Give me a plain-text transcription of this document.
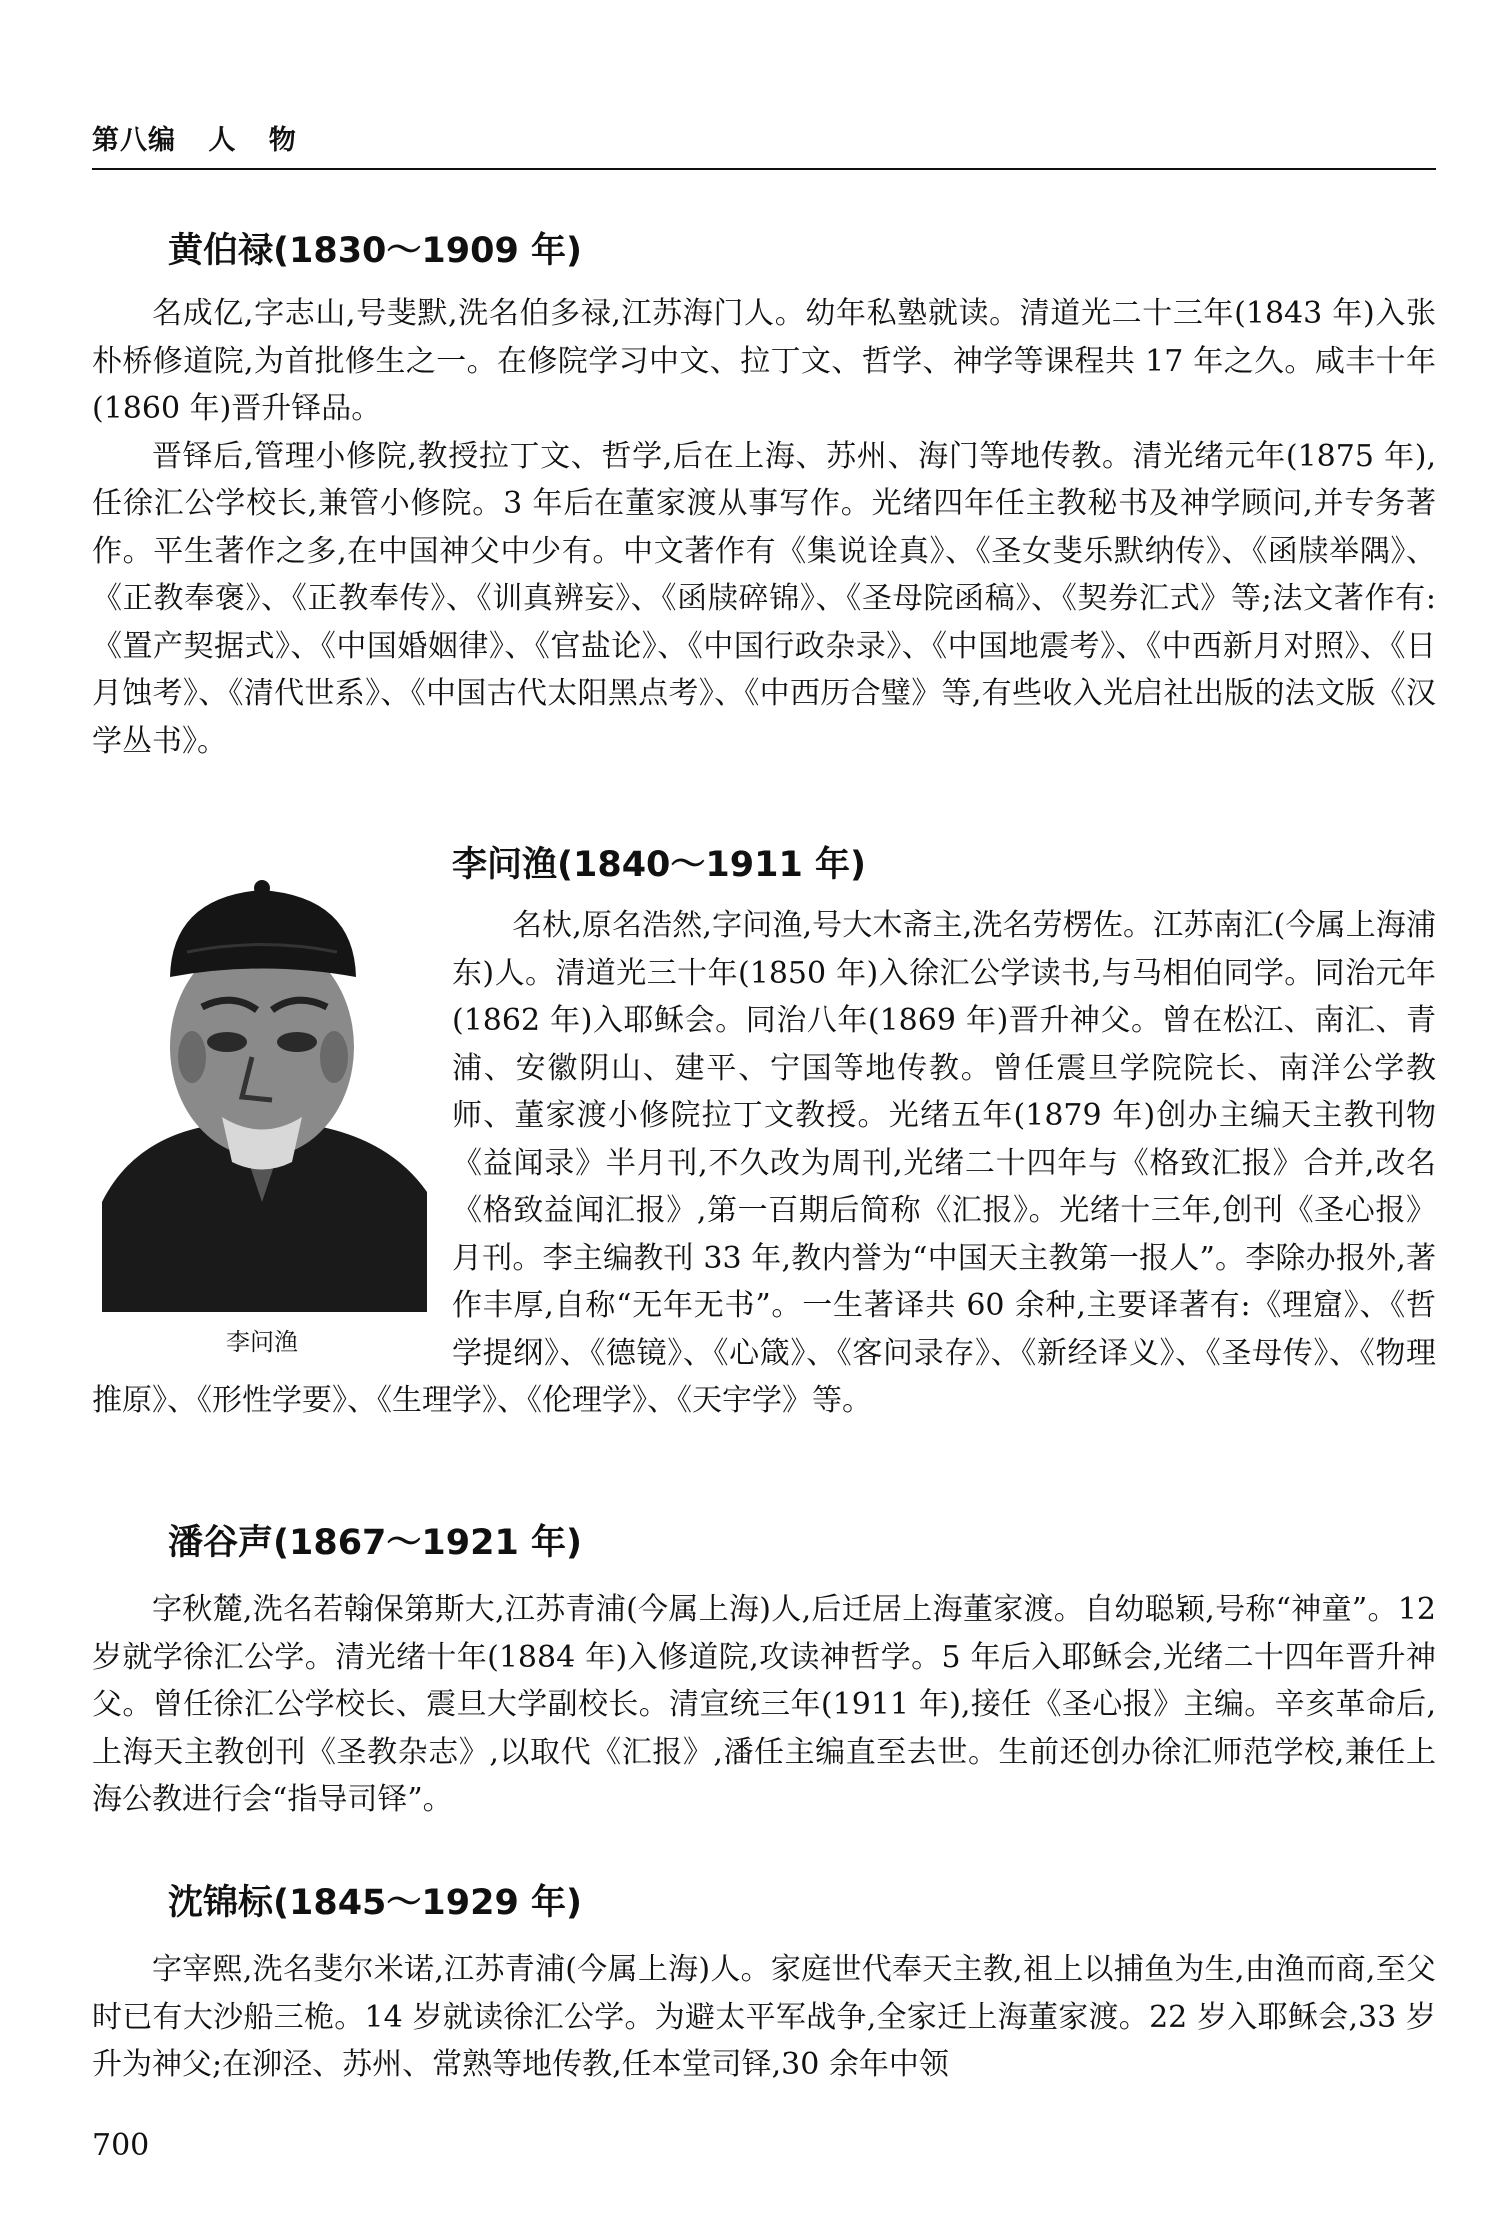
第八编 人 物
黄伯禄(1830～1909 年)

名成亿,字志山,号斐默,洗名伯多禄,江苏海门人。幼年私塾就读。清道光二十三年(1843 年)入张朴桥修道院,为首批修生之一。在修院学习中文、拉丁文、哲学、神学等课程共 17 年之久。咸丰十年(1860 年)晋升铎品。

晋铎后,管理小修院,教授拉丁文、哲学,后在上海、苏州、海门等地传教。清光绪元年(1875 年),任徐汇公学校长,兼管小修院。3 年后在董家渡从事写作。光绪四年任主教秘书及神学顾问,并专务著作。平生著作之多,在中国神父中少有。中文著作有《集说诠真》、《圣女斐乐默纳传》、《函牍举隅》、《正教奉褒》、《正教奉传》、《训真辨妄》、《函牍碎锦》、《圣母院函稿》、《契券汇式》等;法文著作有:《置产契据式》、《中国婚姻律》、《官盐论》、《中国行政杂录》、《中国地震考》、《中西新月对照》、《日月蚀考》、《清代世系》、《中国古代太阳黑点考》、《中西历合璧》等,有些收入光启社出版的法文版《汉学丛书》。

李问渔
李问渔(1840～1911 年)

名杕,原名浩然,字问渔,号大木斋主,洗名劳楞佐。江苏南汇(今属上海浦东)人。清道光三十年(1850 年)入徐汇公学读书,与马相伯同学。同治元年(1862 年)入耶稣会。同治八年(1869 年)晋升神父。曾在松江、南汇、青浦、安徽阴山、建平、宁国等地传教。曾任震旦学院院长、南洋公学教师、董家渡小修院拉丁文教授。光绪五年(1879 年)创办主编天主教刊物《益闻录》半月刊,不久改为周刊,光绪二十四年与《格致汇报》合并,改名《格致益闻汇报》,第一百期后简称《汇报》。光绪十三年,创刊《圣心报》月刊。李主编教刊 33 年,教内誉为“中国天主教第一报人”。李除办报外,著作丰厚,自称“无年无书”。一生著译共 60 余种,主要译著有:《理窟》、《哲学提纲》、《德镜》、《心箴》、《客问录存》、《新经译义》、《圣母传》、《物理推原》、《形性学要》、《生理学》、《伦理学》、《天宇学》等。

潘谷声(1867～1921 年)

字秋麓,洗名若翰保第斯大,江苏青浦(今属上海)人,后迁居上海董家渡。自幼聪颖,号称“神童”。12 岁就学徐汇公学。清光绪十年(1884 年)入修道院,攻读神哲学。5 年后入耶稣会,光绪二十四年晋升神父。曾任徐汇公学校长、震旦大学副校长。清宣统三年(1911 年),接任《圣心报》主编。辛亥革命后,上海天主教创刊《圣教杂志》,以取代《汇报》,潘任主编直至去世。生前还创办徐汇师范学校,兼任上海公教进行会“指导司铎”。

沈锦标(1845～1929 年)

字宰熙,洗名斐尔米诺,江苏青浦(今属上海)人。家庭世代奉天主教,祖上以捕鱼为生,由渔而商,至父时已有大沙船三桅。14 岁就读徐汇公学。为避太平军战争,全家迁上海董家渡。22 岁入耶稣会,33 岁升为神父;在泖泾、苏州、常熟等地传教,任本堂司铎,30 余年中领

700
